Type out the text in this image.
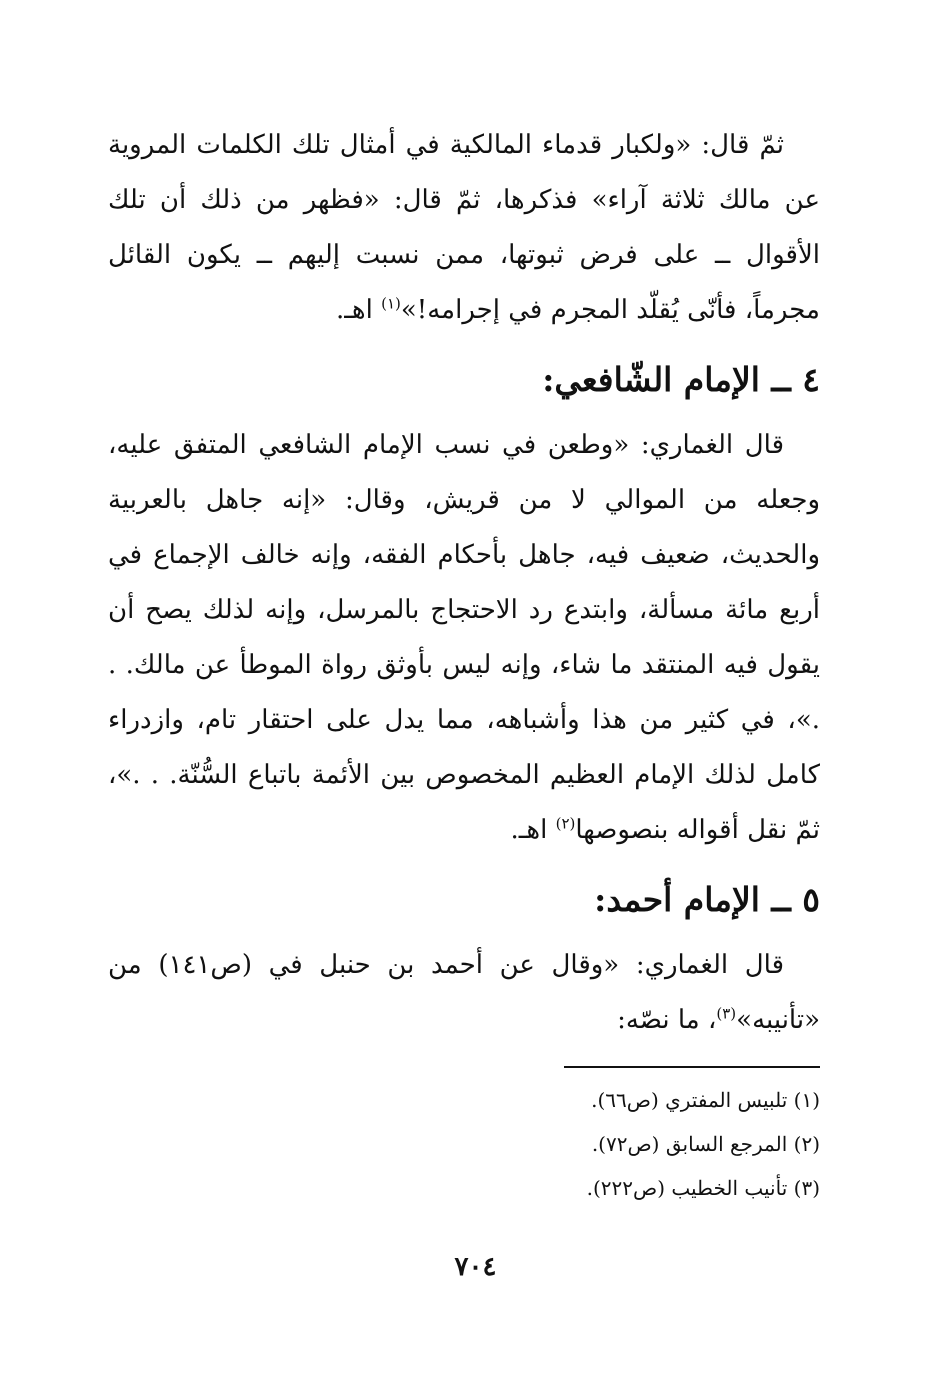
ثمّ قال: «ولكبار قدماء المالكية في أمثال تلك الكلمات المروية عن مالك ثلاثة آراء» فذكرها، ثمّ قال: «فظهر من ذلك أن تلك الأقوال ــ على فرض ثبوتها، ممن نسبت إليهم ــ يكون القائل مجرماً، فأنّى يُقلّد المجرم في إجرامه!»$^{(١)}$ اهـ.

٤ ــ الإمام الشّافعي:

قال الغماري: «وطعن في نسب الإمام الشافعي المتفق عليه، وجعله من الموالي لا من قريش، وقال: «إنه جاهل بالعربية والحديث، ضعيف فيه، جاهل بأحكام الفقه، وإنه خالف الإجماع في أربع مائة مسألة، وابتدع رد الاحتجاج بالمرسل، وإنه لذلك يصح أن يقول فيه المنتقد ما شاء، وإنه ليس بأوثق رواة الموطأ عن مالك. . .»، في كثير من هذا وأشباهه، مما يدل على احتقار تام، وازدراء كامل لذلك الإمام العظيم المخصوص بين الأئمة باتباع السُّنّة. . .»، ثمّ نقل أقواله بنصوصها$^{(٢)}$ اهـ.

٥ ــ الإمام أحمد:

قال الغماري: «وقال عن أحمد بن حنبل في (ص١٤١) من «تأنيبه»$^{(٣)}$، ما نصّه:

(١) تلبيس المفتري (ص٦٦).
(٢) المرجع السابق (ص٧٢).
(٣) تأنيب الخطيب (ص٢٢٢).
٧٠٤
